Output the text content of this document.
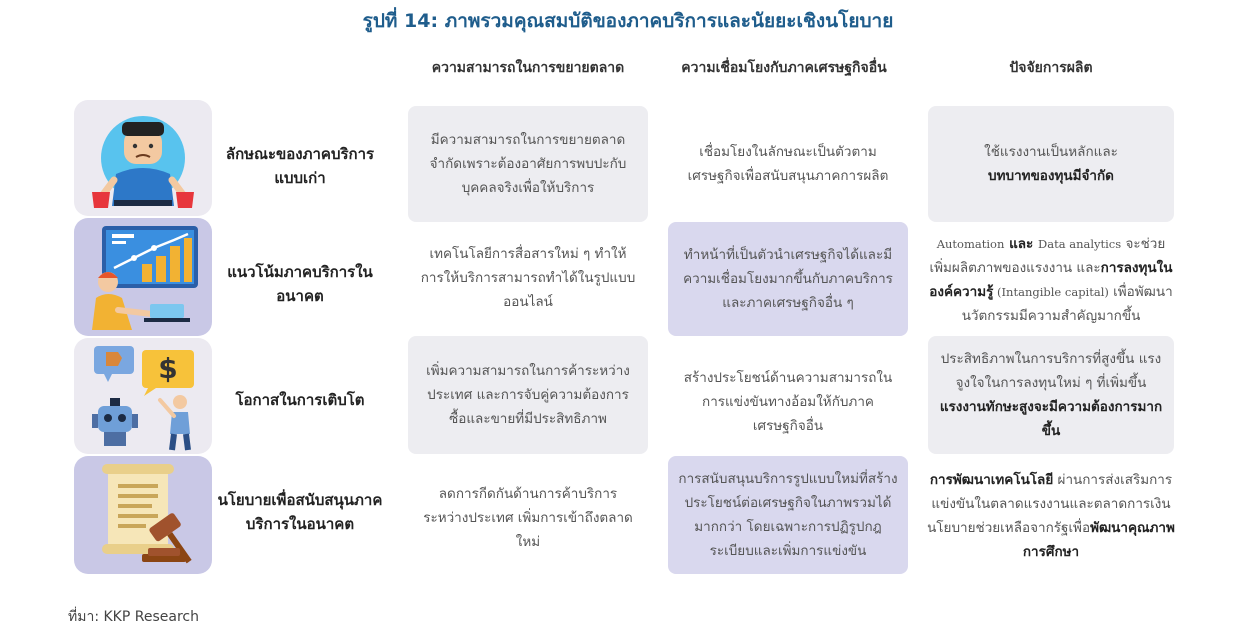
รูปที่ 14: ภาพรวมคุณสมบัติของภาคบริการและนัยยะเชิงนโยบาย
ความสามารถในการขยายตลาด	ความเชื่อมโยงกับภาคเศรษฐกิจอื่น	ปัจจัยการผลิต
ลักษณะของภาคบริการแบบเก่า
มีความสามารถในการขยายตลาดจำกัดเพราะต้องอาศัยการพบปะกับบุคคลจริงเพื่อให้บริการ
เชื่อมโยงในลักษณะเป็นตัวตามเศรษฐกิจเพื่อสนับสนุนภาคการผลิต
ใช้แรงงานเป็นหลักและ
บทบาทของทุนมีจำกัด
แนวโน้มภาคบริการในอนาคต
เทคโนโลยีการสื่อสารใหม่ ๆ ทำให้การให้บริการสามารถทำได้ในรูปแบบออนไลน์
ทำหน้าที่เป็นตัวนำเศรษฐกิจได้และมีความเชื่อมโยงมากขึ้นกับภาคบริการและภาคเศรษฐกิจอื่น ๆ
Automation และ Data analytics จะช่วยเพิ่มผลิตภาพของแรงงาน และการลงทุนในองค์ความรู้ (Intangible capital) เพื่อพัฒนานวัตกรรมมีความสำคัญมากขึ้น
$
โอกาสในการเติบโต
เพิ่มความสามารถในการค้าระหว่างประเทศ และการจับคู่ความต้องการซื้อและขายที่มีประสิทธิภาพ
สร้างประโยชน์ด้านความสามารถในการแข่งขันทางอ้อมให้กับภาคเศรษฐกิจอื่น
ประสิทธิภาพในการบริการที่สูงขึ้น แรงจูงใจในการลงทุนใหม่ ๆ ที่เพิ่มขึ้น แรงงานทักษะสูงจะมีความต้องการมากขึ้น
นโยบายเพื่อสนับสนุนภาคบริการในอนาคต
ลดการกีดกันด้านการค้าบริการระหว่างประเทศ เพิ่มการเข้าถึงตลาดใหม่
การสนับสนุนบริการรูปแบบใหม่ที่สร้างประโยชน์ต่อเศรษฐกิจในภาพรวมได้มากกว่า โดยเฉพาะการปฏิรูปกฎระเบียบและเพิ่มการแข่งขัน
การพัฒนาเทคโนโลยี ผ่านการส่งเสริมการแข่งขันในตลาดแรงงานและตลาดการเงิน นโยบายช่วยเหลือจากรัฐเพื่อพัฒนาคุณภาพการศึกษา
ที่มา: KKP Research
